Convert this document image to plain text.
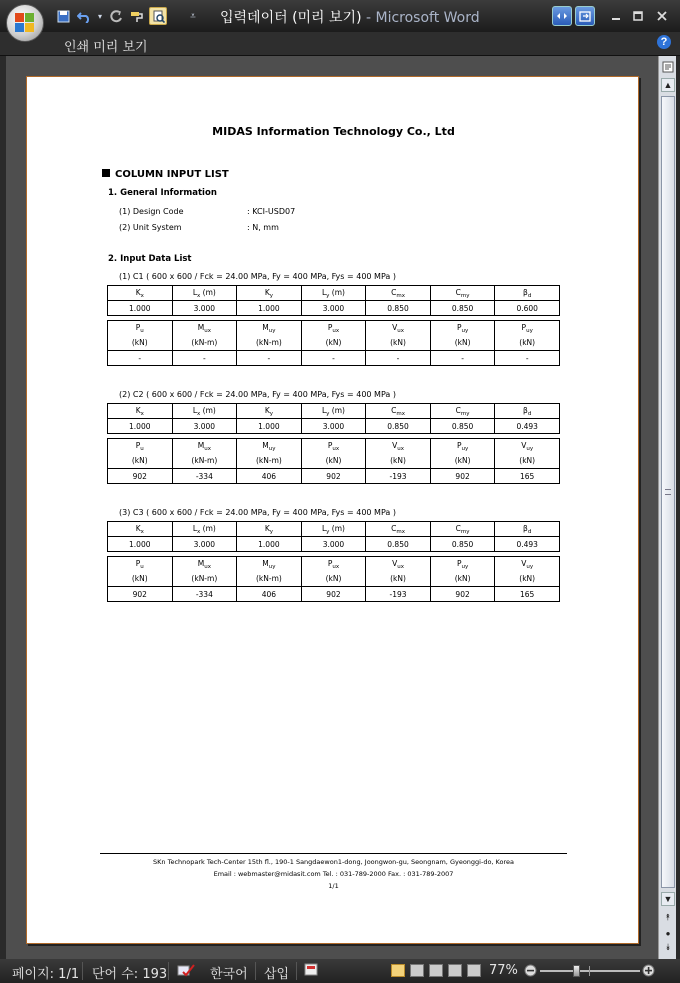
▾	⩡	입력데이터 (미리 보기) - Microsoft Word
인쇄 미리 보기	?
MIDAS Information Technology Co., Ltd
COLUMN INPUT LIST
1. General Information
(1) Design Code	: KCI-USD07
(2) Unit System	: N, mm
2. Input Data List
(1) C1 ( 600 x 600 / Fck = 24.00 MPa, Fy = 400 MPa, Fys = 400 MPa )
$K_x$	$L_x$ (m)	$K_y$	$L_y$ (m)	$C_{mx}$	$C_{my}$	$\beta_d$
1.000	3.000	1.000	3.000	0.850	0.850	0.600
$P_u$	$M_{ux}$	$M_{uy}$	$P_{ux}$	$V_{ux}$	$P_{uy}$	$P_{uy}$
(kN)	(kN-m)	(kN-m)	(kN)	(kN)	(kN)	(kN)
-	-	-	-	-	-	-
(2) C2 ( 600 x 600 / Fck = 24.00 MPa, Fy = 400 MPa, Fys = 400 MPa )
$K_x$	$L_x$ (m)	$K_y$	$L_y$ (m)	$C_{mx}$	$C_{my}$	$\beta_d$
1.000	3.000	1.000	3.000	0.850	0.850	0.493
$P_u$	$M_{ux}$	$M_{uy}$	$P_{ux}$	$V_{ux}$	$P_{uy}$	$V_{uy}$
(kN)	(kN-m)	(kN-m)	(kN)	(kN)	(kN)	(kN)
902	-334	406	902	-193	902	165
(3) C3 ( 600 x 600 / Fck = 24.00 MPa, Fy = 400 MPa, Fys = 400 MPa )
$K_x$	$L_x$ (m)	$K_y$	$L_y$ (m)	$C_{mx}$	$C_{my}$	$\beta_d$
1.000	3.000	1.000	3.000	0.850	0.850	0.493
$P_u$	$M_{ux}$	$M_{uy}$	$P_{ux}$	$V_{ux}$	$P_{uy}$	$V_{uy}$
(kN)	(kN-m)	(kN-m)	(kN)	(kN)	(kN)	(kN)
902	-334	406	902	-193	902	165
SKn Technopark Tech-Center 15th fl., 190-1 Sangdaewon1-dong, Joongwon-gu, Seongnam, Gyeonggi-do, Korea
Email : webmaster@midasit.com Tel. : 031-789-2000 Fax. : 031-789-2007
1/1
▲
▼
⯭
●
⯯
페이지: 1/1 단어 수: 193	한국어 삽입	77%
